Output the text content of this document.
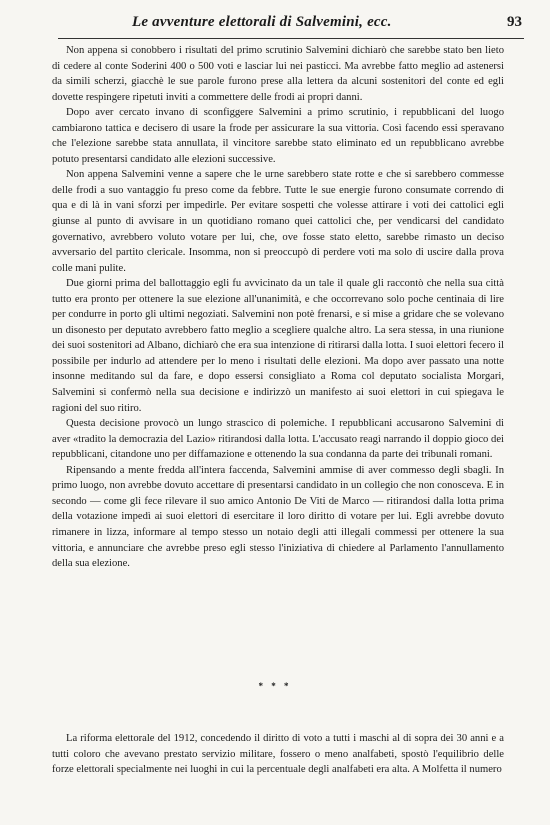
Le avventure elettorali di Salvemini, ecc.	93

Non appena si conobbero i risultati del primo scrutinio Salvemini dichiarò che sarebbe stato ben lieto di cedere al conte Soderini 400 o 500 voti e lasciar lui nei pasticci. Ma avrebbe fatto meglio ad astenersi da simili scherzi, giacchè le sue parole furono prese alla lettera da alcuni sostenitori del conte ed egli dovette respingere ripetuti inviti a commettere delle frodi ai propri danni.

Dopo aver cercato invano di sconfiggere Salvemini a primo scrutinio, i repubblicani del luogo cambiarono tattica e decisero di usare la frode per assicurare la sua vittoria. Così facendo essi speravano che l'elezione sarebbe stata annullata, il vincitore sarebbe stato eliminato ed un repubblicano avrebbe potuto presentarsi candidato alle elezioni successive.

Non appena Salvemini venne a sapere che le urne sarebbero state rotte e che si sarebbero commesse delle frodi a suo vantaggio fu preso come da febbre. Tutte le sue energie furono consumate correndo di qua e di là in vani sforzi per impedirle. Per evitare sospetti che volesse attirare i voti dei cattolici egli giunse al punto di avvisare in un quotidiano romano quei cattolici che, per vendicarsi del candidato governativo, avrebbero voluto votare per lui, che, ove fosse stato eletto, sarebbe rimasto un deciso avversario del partito clericale. Insomma, non si preoccupò di perdere voti ma solo di uscire dalla prova colle mani pulite.

Due giorni prima del ballottaggio egli fu avvicinato da un tale il quale gli raccontò che nella sua città tutto era pronto per ottenere la sue elezione all'unanimità, e che occorrevano solo poche centinaia di lire per condurre in porto gli ultimi negoziati. Salvemini non potè frenarsi, e si mise a gridare che se volevano un disonesto per deputato avrebbero fatto meglio a scegliere qualche altro. La sera stessa, in una riunione dei suoi sostenitori ad Albano, dichiarò che era sua intenzione di ritirarsi dalla lotta. I suoi elettori fecero il possibile per indurlo ad attendere per lo meno i risultati delle elezioni. Ma dopo aver passato una notte insonne meditando sul da fare, e dopo essersi consigliato a Roma col deputato socialista Morgari, Salvemini si confermò nella sua decisione e indirizzò un manifesto ai suoi elettori in cui spiegava le ragioni del suo ritiro.

Questa decisione provocò un lungo strascico di polemiche. I repubblicani accusarono Salvemini di aver «tradito la democrazia del Lazio» ritirandosi dalla lotta. L'accusato reagì narrando il doppio gioco dei repubblicani, citandone uno per diffamazione e ottenendo la sua condanna da parte dei tribunali romani.

Ripensando a mente fredda all'intera faccenda, Salvemini ammise di aver commesso degli sbagli. In primo luogo, non avrebbe dovuto accettare di presentarsi candidato in un collegio che non conosceva. E in secondo — come gli fece rilevare il suo amico Antonio De Viti de Marco — ritirandosi dalla lotta prima della votazione impedì ai suoi elettori di esercitare il loro diritto di votare per lui. Egli avrebbe dovuto rimanere in lizza, informare al tempo stesso un notaio degli atti illegali commessi per ottenere la sua vittoria, e annunciare che avrebbe preso egli stesso l'iniziativa di chiedere al Parlamento l'annullamento della sua elezione.

* * *

La riforma elettorale del 1912, concedendo il diritto di voto a tutti i maschi al di sopra dei 30 anni e a tutti coloro che avevano prestato servizio militare, fossero o meno analfabeti, spostò l'equilibrio delle forze elettorali specialmente nei luoghi in cui la percentuale degli analfabeti era alta. A Molfetta il numero
